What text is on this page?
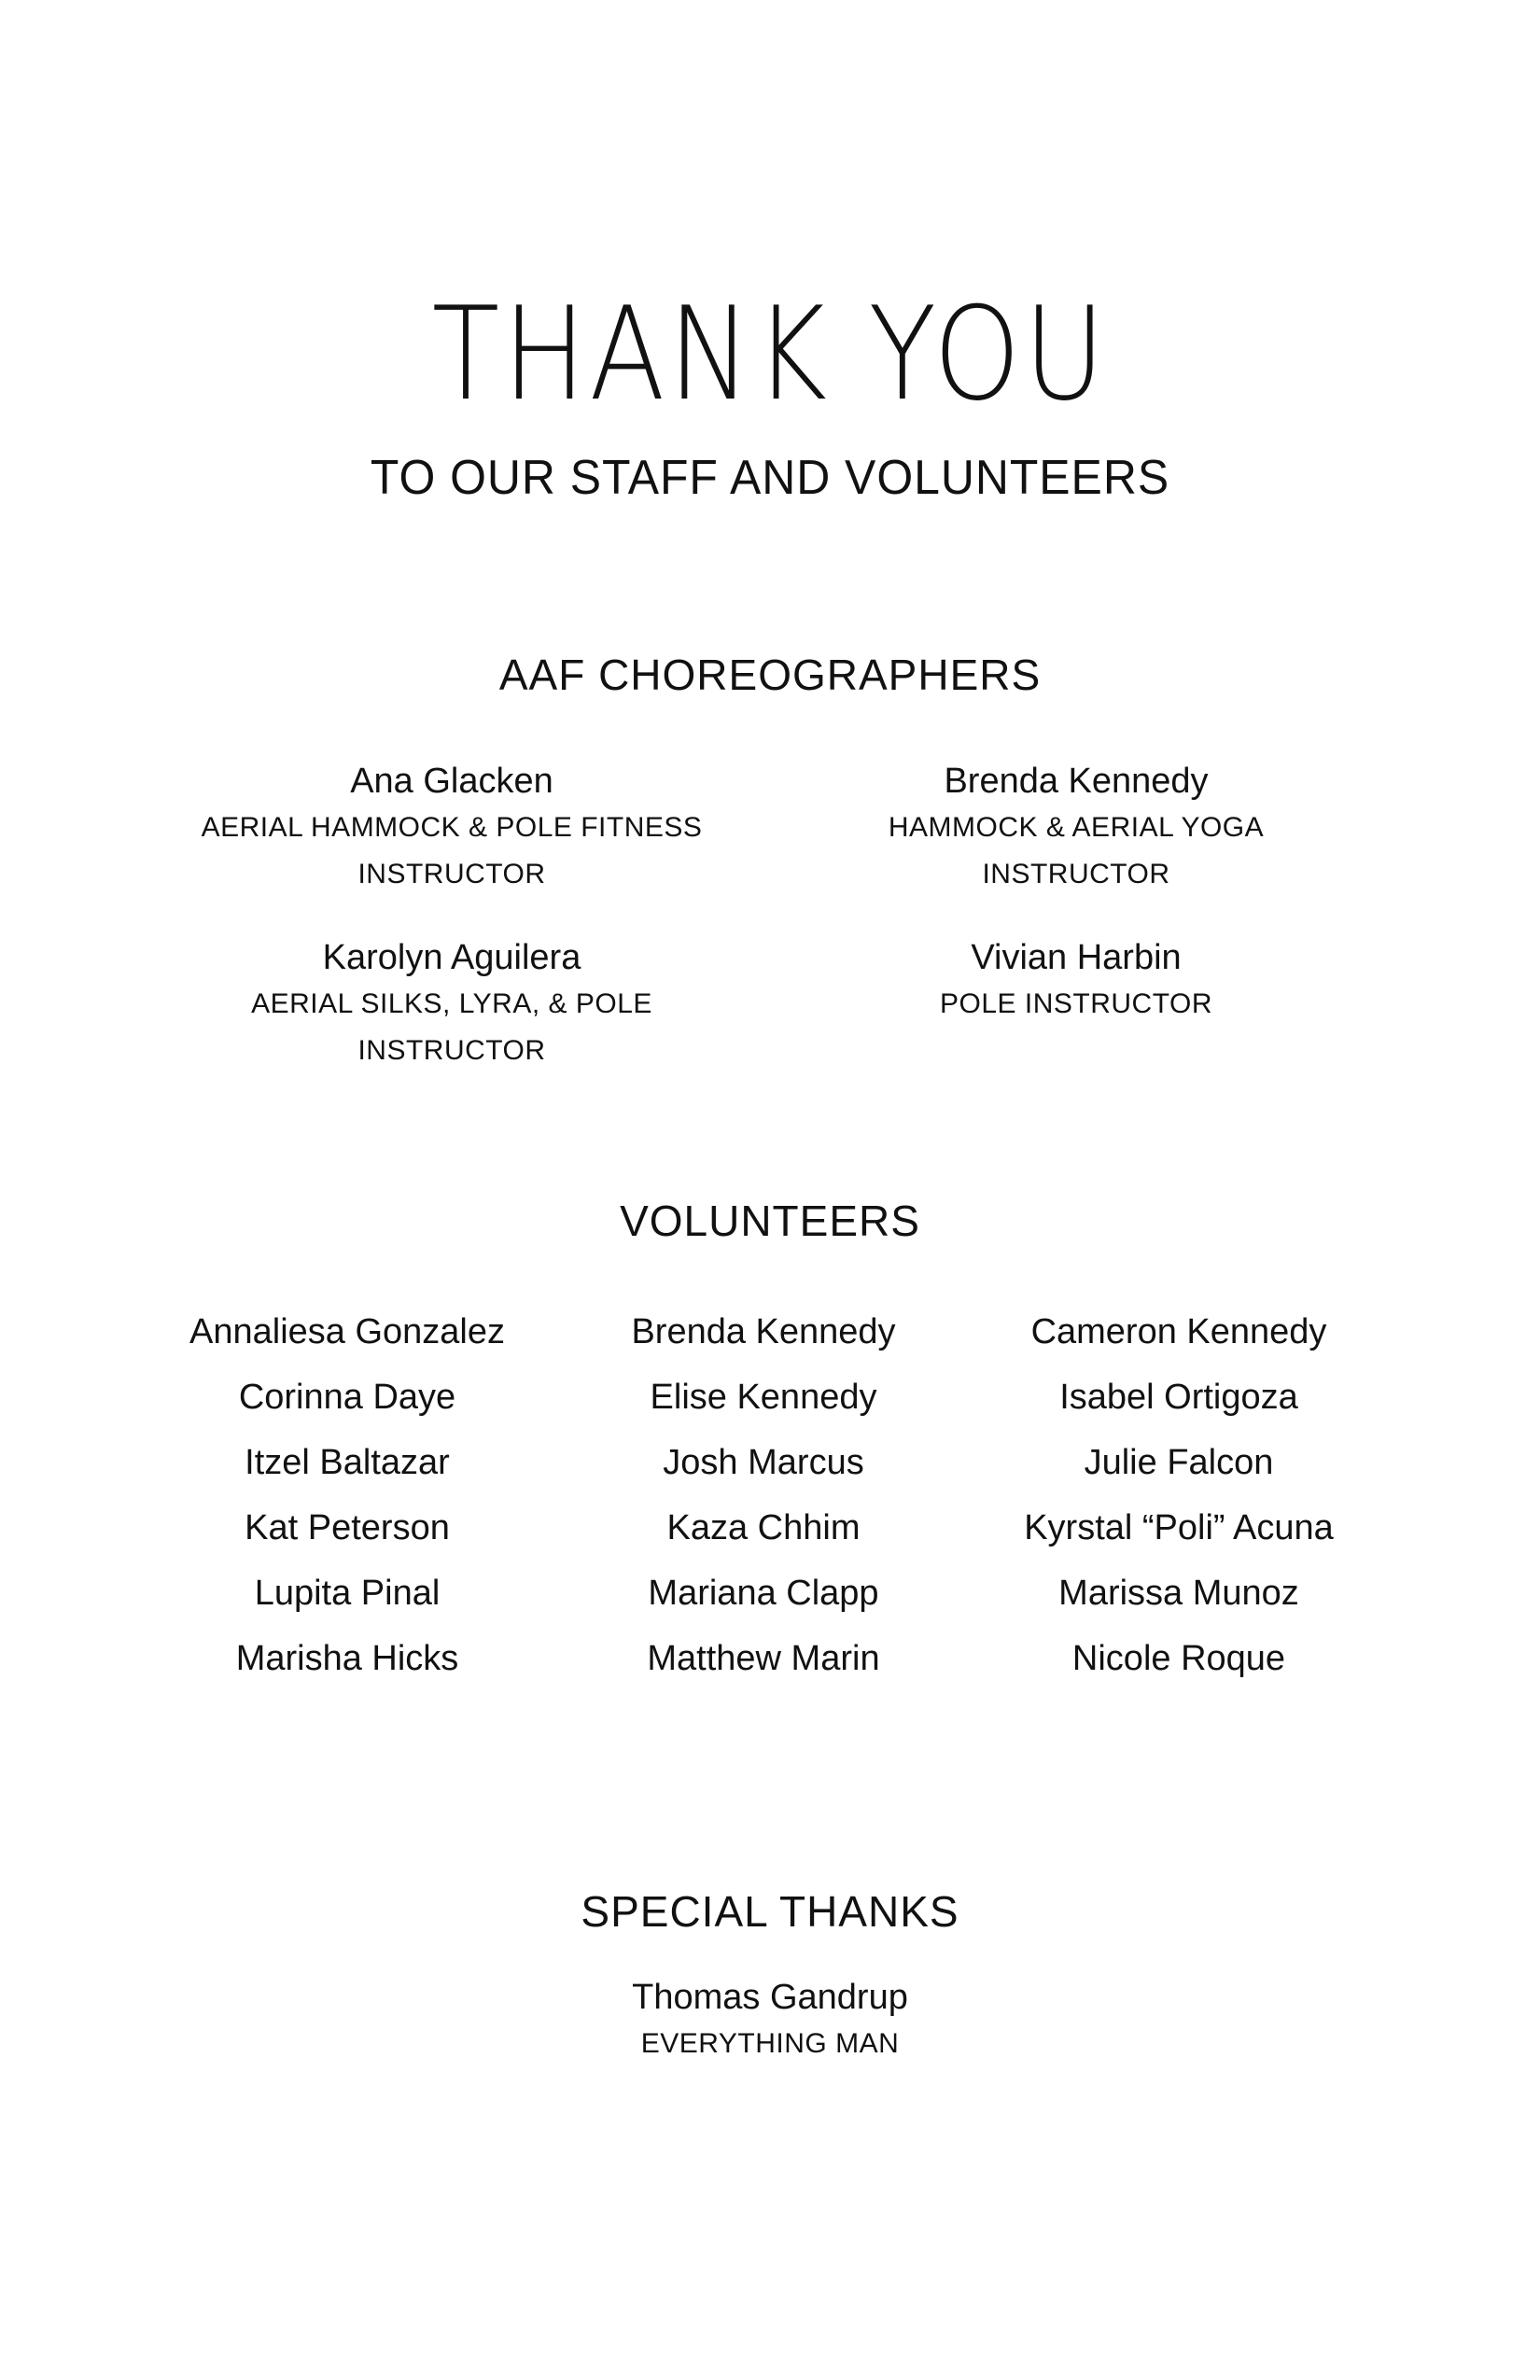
THANK YOU
TO OUR STAFF AND VOLUNTEERS
AAF CHOREOGRAPHERS
Ana Glacken
AERIAL HAMMOCK & POLE FITNESS
INSTRUCTOR
Brenda Kennedy
HAMMOCK & AERIAL YOGA
INSTRUCTOR
Karolyn Aguilera
AERIAL SILKS, LYRA, & POLE
INSTRUCTOR
Vivian Harbin
POLE INSTRUCTOR
VOLUNTEERS
Annaliesa Gonzalez
Corinna Daye
Itzel Baltazar
Kat Peterson
Lupita Pinal
Marisha Hicks
Brenda Kennedy
Elise Kennedy
Josh Marcus
Kaza Chhim
Mariana Clapp
Matthew Marin
Cameron Kennedy
Isabel Ortigoza
Julie Falcon
Kyrstal “Poli” Acuna
Marissa Munoz
Nicole Roque
SPECIAL THANKS
Thomas Gandrup
EVERYTHING MAN
